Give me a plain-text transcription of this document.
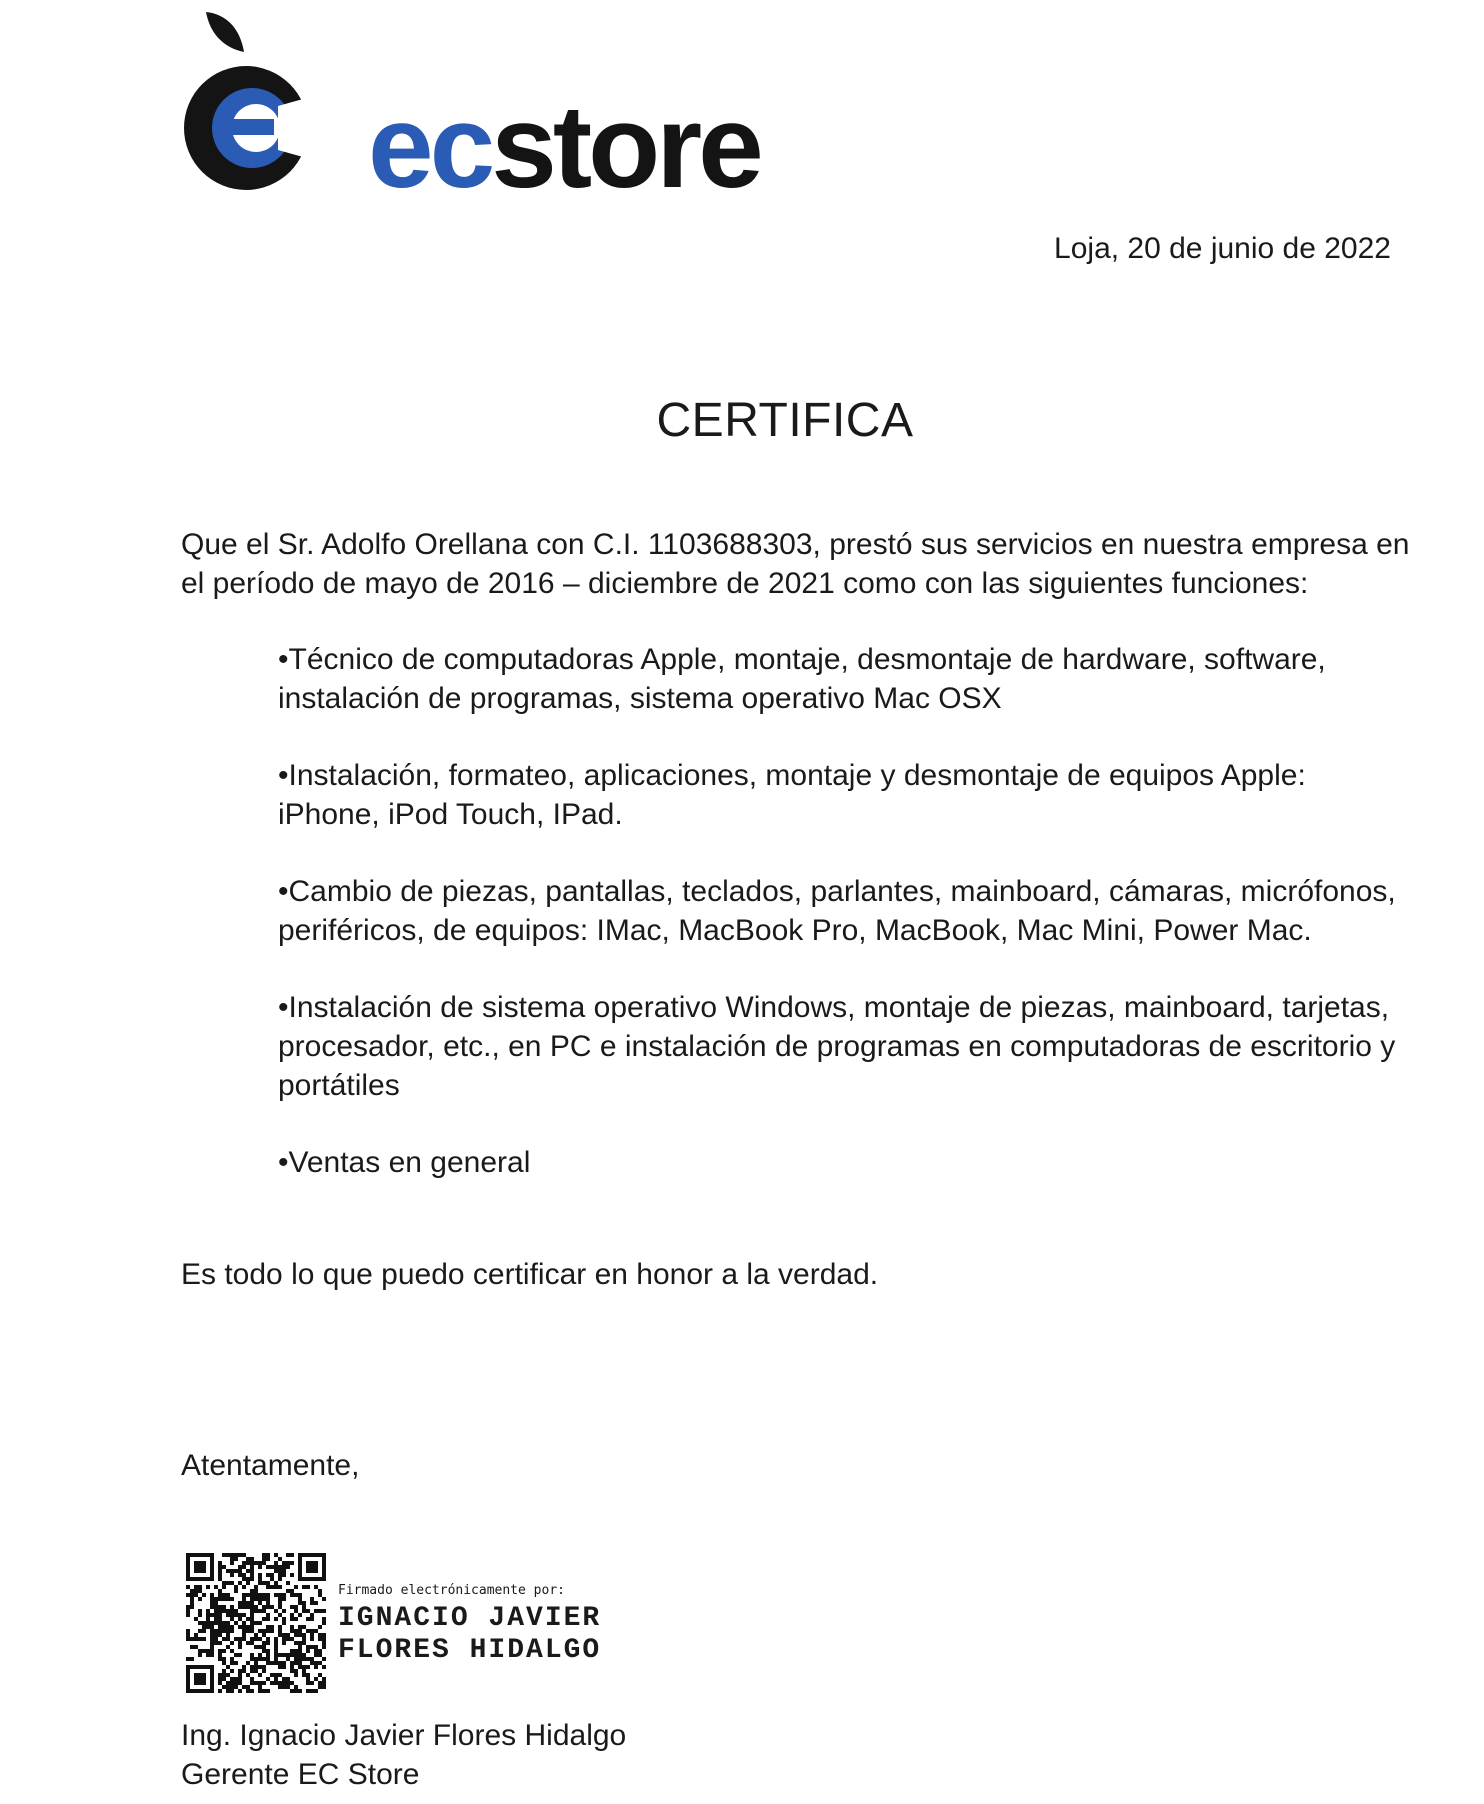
ecstore
Loja, 20 de junio de 2022
CERTIFICA
Que el Sr. Adolfo Orellana con C.I. 1103688303, prestó sus servicios en nuestra empresa en el período de mayo de 2016 – diciembre de 2021 como con las siguientes funciones:

•Técnico de computadoras Apple, montaje, desmontaje de hardware, software, instalación de programas, sistema operativo Mac OSX

•Instalación, formateo, aplicaciones, montaje y desmontaje de equipos Apple: iPhone, iPod Touch, IPad.

•Cambio de piezas, pantallas, teclados, parlantes, mainboard, cámaras, micrófonos, periféricos, de equipos: IMac, MacBook Pro, MacBook, Mac Mini, Power Mac.

•Instalación de sistema operativo Windows, montaje de piezas, mainboard, tarjetas, procesador, etc., en PC e instalación de programas en computadoras de escritorio y portátiles

•Ventas en general

Es todo lo que puedo certificar en honor a la verdad.
Atentamente,
Firmado electrónicamente por:
IGNACIO JAVIER
FLORES HIDALGO
Ing. Ignacio Javier Flores Hidalgo
Gerente EC Store
